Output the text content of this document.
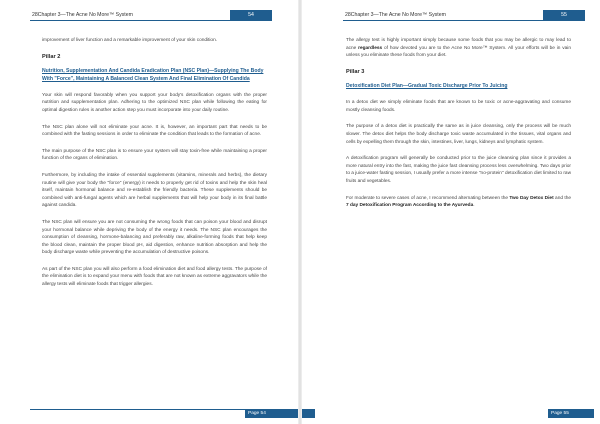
28Chapter 3—The Acne No More™ System	54

improvement of liver function and a remarkable improvement of your skin condition.

Pillar 2
Nutrition, Supplementation And Candida Eradication Plan (NSC Plan)—Supplying The Body With "Force", Maintaining A Balanced Clean System And Final Elimination Of Candida

Your skin will respond favorably when you support your body's detoxification organs with the proper nutrition and supplementation plan. Adhering to the optimized NSC plan while following the eating for optimal digestion rules is another action step you must incorporate into your daily routine.

The NSC plan alone will not eliminate your acne. It is, however, an important part that needs to be combined with the fasting sessions in order to eliminate the condition that leads to the formation of acne.

The main purpose of the NSC plan is to ensure your system will stay toxin-free while maintaining a proper function of the organs of elimination.

Furthermore, by including the intake of essential supplements (vitamins, minerals and herbs), the dietary routine will give your body the "force" (energy) it needs to properly get rid of toxins and help the skin heal itself, maintain hormonal balance and re-establish the friendly bacteria. These supplements should be combined with anti-fungal agents which are herbal supplements that will help your body in its final battle against candida.

The NSC plan will ensure you are not consuming the wrong foods that can poison your blood and disrupt your hormonal balance while depriving the body of the energy it needs. The NSC plan encourages the consumption of cleansing, hormone-balancing and preferably raw, alkaline-forming foods that help keep the blood clean, maintain the proper blood pH, aid digestion, enhance nutrition absorption and help the body discharge waste while preventing the accumulation of destructive poisons.

As part of the NSC plan you will also perform a food elimination diet and food allergy tests. The purpose of the elimination diet is to expand your menu with foods that are not known as extreme aggravators while the allergy tests will eliminate foods that trigger allergies.

Page 54
28Chapter 3—The Acne No More™ System	55

The allergy test is highly important simply because some foods that you may be allergic to may lead to acne regardless of how devoted you are to the Acne No More™ System. All your efforts will be in vain unless you eliminate these foods from your diet.

Pillar 3
Detoxification Diet Plan—Gradual Toxic Discharge Prior To Juicing

In a detox diet we simply eliminate foods that are known to be toxic or acne-aggravating and consume mostly cleansing foods.

The purpose of a detox diet is practically the same as in juice cleansing, only the process will be much slower. The detox diet helps the body discharge toxic waste accumulated in the tissues, vital organs and cells by expelling them through the skin, intestines, liver, lungs, kidneys and lymphatic system.

A detoxification program will generally be conducted prior to the juice cleansing plan since it provides a more natural entry into the fast, making the juice fast cleansing process less overwhelming. Two days prior to a juice-water fasting session, I usually prefer a more intense "no-protein" detoxification diet limited to raw fruits and vegetables.

For moderate to severe cases of acne, I recommend alternating between the Two Day Detox Diet and the 7 day Detoxification Program According to the Ayurveda.

Page 55
